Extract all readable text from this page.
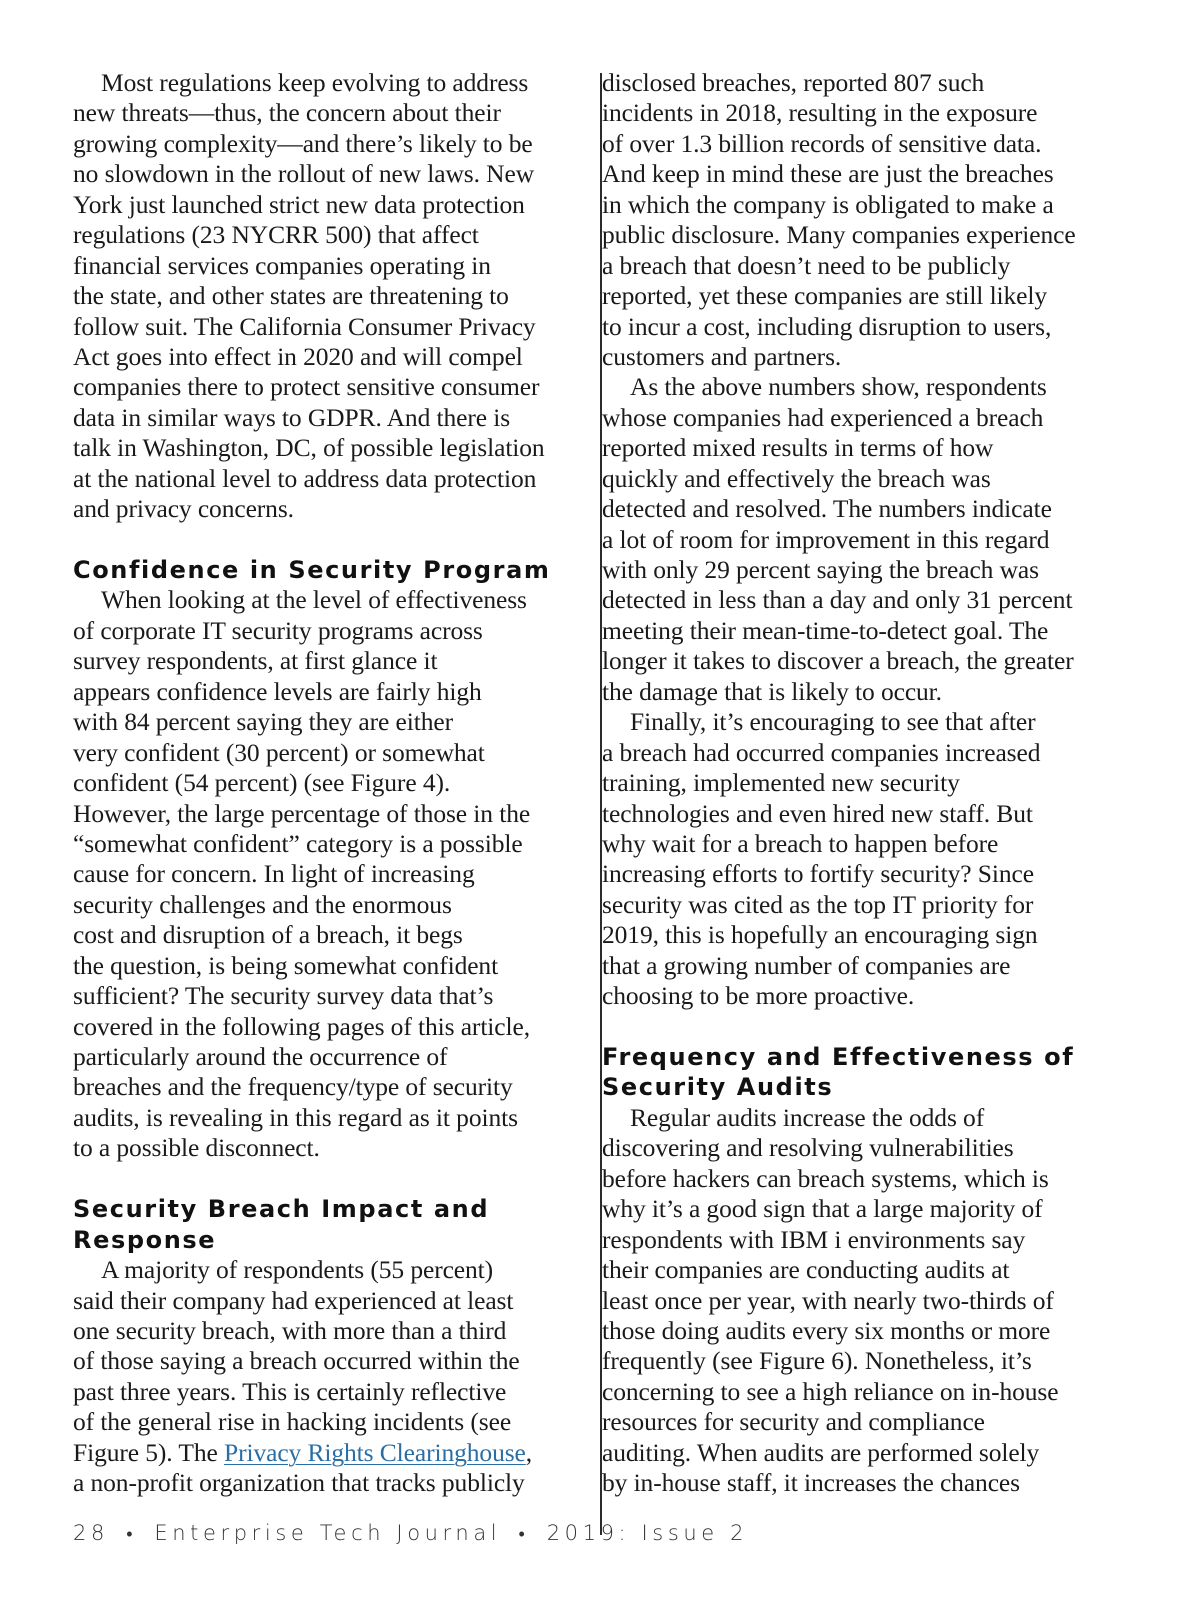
Most regulations keep evolving to address
new threats—thus, the concern about their
growing complexity—and there’s likely to be
no slowdown in the rollout of new laws. New
York just launched strict new data protection
regulations (23 NYCRR 500) that affect
financial services companies operating in
the state, and other states are threatening to
follow suit. The California Consumer Privacy
Act goes into effect in 2020 and will compel
companies there to protect sensitive consumer
data in similar ways to GDPR. And there is
talk in Washington, DC, of possible legislation
at the national level to address data protection
and privacy concerns.
Confidence in Security Program
When looking at the level of effectiveness
of corporate IT security programs across
survey respondents, at first glance it
appears confidence levels are fairly high
with 84 percent saying they are either
very confident (30 percent) or somewhat
confident (54 percent) (see Figure 4).
However, the large percentage of those in the
“somewhat confident” category is a possible
cause for concern. In light of increasing
security challenges and the enormous
cost and disruption of a breach, it begs
the question, is being somewhat confident
sufficient? The security survey data that’s
covered in the following pages of this article,
particularly around the occurrence of
breaches and the frequency/type of security
audits, is revealing in this regard as it points
to a possible disconnect.
Security Breach Impact and
Response
A majority of respondents (55 percent)
said their company had experienced at least
one security breach, with more than a third
of those saying a breach occurred within the
past three years. This is certainly reflective
of the general rise in hacking incidents (see
Figure 5). The Privacy Rights Clearinghouse,
a non-profit organization that tracks publicly
disclosed breaches, reported 807 such
incidents in 2018, resulting in the exposure
of over 1.3 billion records of sensitive data.
And keep in mind these are just the breaches
in which the company is obligated to make a
public disclosure. Many companies experience
a breach that doesn’t need to be publicly
reported, yet these companies are still likely
to incur a cost, including disruption to users,
customers and partners.
As the above numbers show, respondents
whose companies had experienced a breach
reported mixed results in terms of how
quickly and effectively the breach was
detected and resolved. The numbers indicate
a lot of room for improvement in this regard
with only 29 percent saying the breach was
detected in less than a day and only 31 percent
meeting their mean-time-to-detect goal. The
longer it takes to discover a breach, the greater
the damage that is likely to occur.
Finally, it’s encouraging to see that after
a breach had occurred companies increased
training, implemented new security
technologies and even hired new staff. But
why wait for a breach to happen before
increasing efforts to fortify security? Since
security was cited as the top IT priority for
2019, this is hopefully an encouraging sign
that a growing number of companies are
choosing to be more proactive.
Frequency and Effectiveness of
Security Audits
Regular audits increase the odds of
discovering and resolving vulnerabilities
before hackers can breach systems, which is
why it’s a good sign that a large majority of
respondents with IBM i environments say
their companies are conducting audits at
least once per year, with nearly two-thirds of
those doing audits every six months or more
frequently (see Figure 6). Nonetheless, it’s
concerning to see a high reliance on in-house
resources for security and compliance
auditing. When audits are performed solely
by in-house staff, it increases the chances
28 • Enterprise Tech Journal • 2019: Issue 2
